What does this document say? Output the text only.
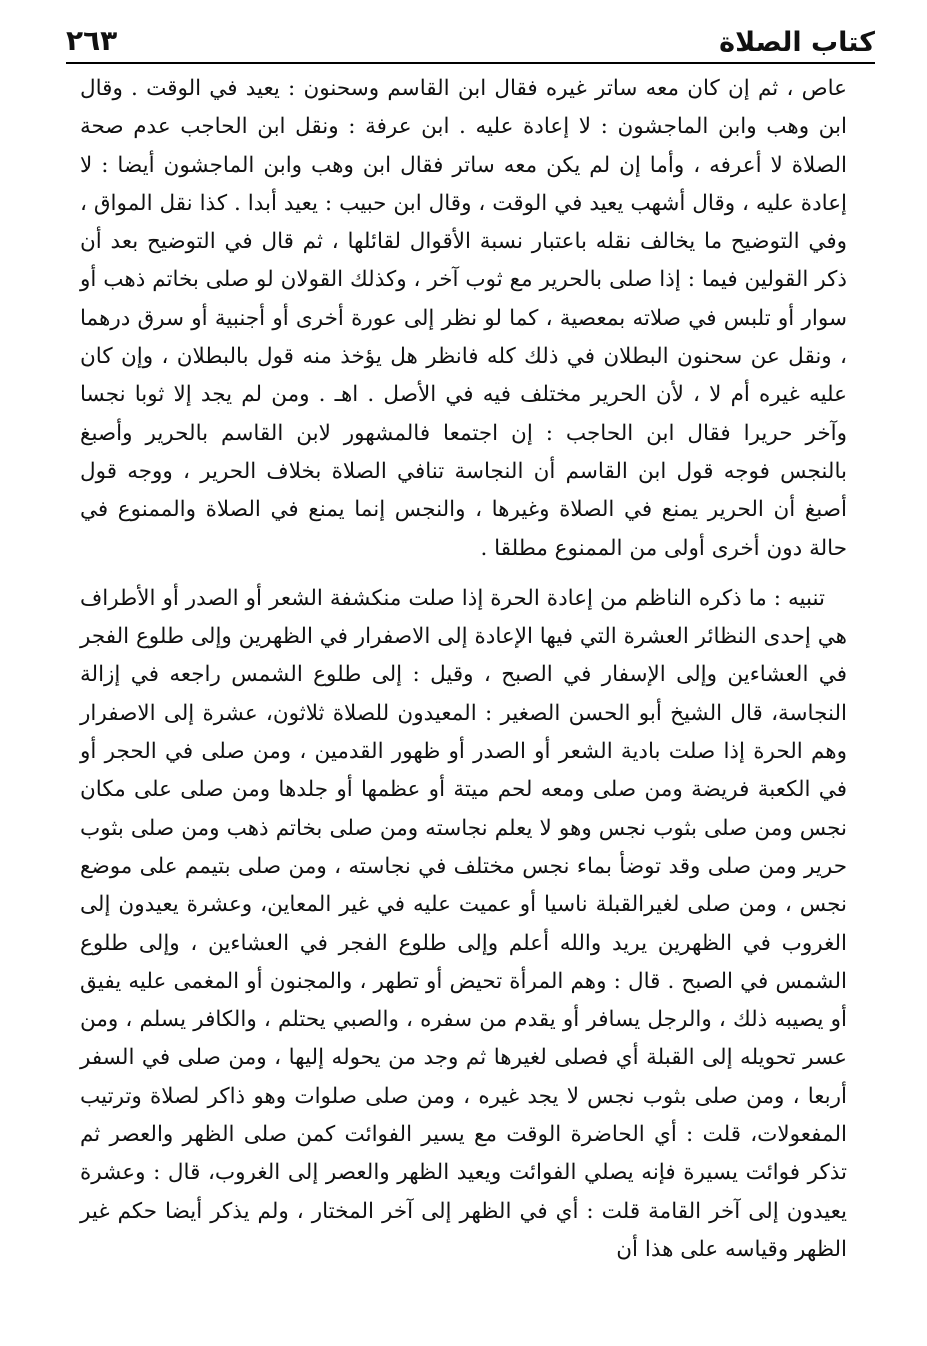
كتاب الصلاة
٢٦٣

عاص ، ثم إن كان معه ساتر غيره فقال ابن القاسم وسحنون : يعيد في الوقت . وقال ابن وهب وابن الماجشون : لا إعادة عليه . ابن عرفة : ونقل ابن الحاجب عدم صحة الصلاة لا أعرفه ، وأما إن لم يكن معه ساتر فقال ابن وهب وابن الماجشون أيضا : لا إعادة عليه ، وقال أشهب يعيد في الوقت ، وقال ابن حبيب : يعيد أبدا . كذا نقل المواق ، وفي التوضيح ما يخالف نقله باعتبار نسبة الأقوال لقائلها ، ثم قال في التوضيح بعد أن ذكر القولين فيما : إذا صلى بالحرير مع ثوب آخر ، وكذلك القولان لو صلى بخاتم ذهب أو سوار أو تلبس في صلاته بمعصية ، كما لو نظر إلى عورة أخرى أو أجنبية أو سرق درهما ، ونقل عن سحنون البطلان في ذلك كله فانظر هل يؤخذ منه قول بالبطلان ، وإن كان عليه غيره أم لا ، لأن الحرير مختلف فيه في الأصل . اهـ . ومن لم يجد إلا ثوبا نجسا وآخر حريرا فقال ابن الحاجب : إن اجتمعا فالمشهور لابن القاسم بالحرير وأصبغ بالنجس فوجه قول ابن القاسم أن النجاسة تنافي الصلاة بخلاف الحرير ، ووجه قول أصبغ أن الحرير يمنع في الصلاة وغيرها ، والنجس إنما يمنع في الصلاة والممنوع في حالة دون أخرى أولى من الممنوع مطلقا .

تنبيه : ما ذكره الناظم من إعادة الحرة إذا صلت منكشفة الشعر أو الصدر أو الأطراف هي إحدى النظائر العشرة التي فيها الإعادة إلى الاصفرار في الظهرين وإلى طلوع الفجر في العشاءين وإلى الإسفار في الصبح ، وقيل : إلى طلوع الشمس راجعه في إزالة النجاسة، قال الشيخ أبو الحسن الصغير : المعيدون للصلاة ثلاثون، عشرة إلى الاصفرار وهم الحرة إذا صلت بادية الشعر أو الصدر أو ظهور القدمين ، ومن صلى في الحجر أو في الكعبة فريضة ومن صلى ومعه لحم ميتة أو عظمها أو جلدها ومن صلى على مكان نجس ومن صلى بثوب نجس وهو لا يعلم نجاسته ومن صلى بخاتم ذهب ومن صلى بثوب حرير ومن صلى وقد توضأ بماء نجس مختلف في نجاسته ، ومن صلى بتيمم على موضع نجس ، ومن صلى لغيرالقبلة ناسيا أو عميت عليه في غير المعاين، وعشرة يعيدون إلى الغروب في الظهرين يريد والله أعلم وإلى طلوع الفجر في العشاءين ، وإلى طلوع الشمس في الصبح . قال : وهم المرأة تحيض أو تطهر ، والمجنون أو المغمى عليه يفيق أو يصيبه ذلك ، والرجل يسافر أو يقدم من سفره ، والصبي يحتلم ، والكافر يسلم ، ومن عسر تحويله إلى القبلة أي فصلى لغيرها ثم وجد من يحوله إليها ، ومن صلى في السفر أربعا ، ومن صلى بثوب نجس لا يجد غيره ، ومن صلى صلوات وهو ذاكر لصلاة وترتيب المفعولات، قلت : أي الحاضرة الوقت مع يسير الفوائت كمن صلى الظهر والعصر ثم تذكر فوائت يسيرة فإنه يصلي الفوائت ويعيد الظهر والعصر إلى الغروب، قال : وعشرة يعيدون إلى آخر القامة قلت : أي في الظهر إلى آخر المختار ، ولم يذكر أيضا حكم غير الظهر وقياسه على هذا أن
